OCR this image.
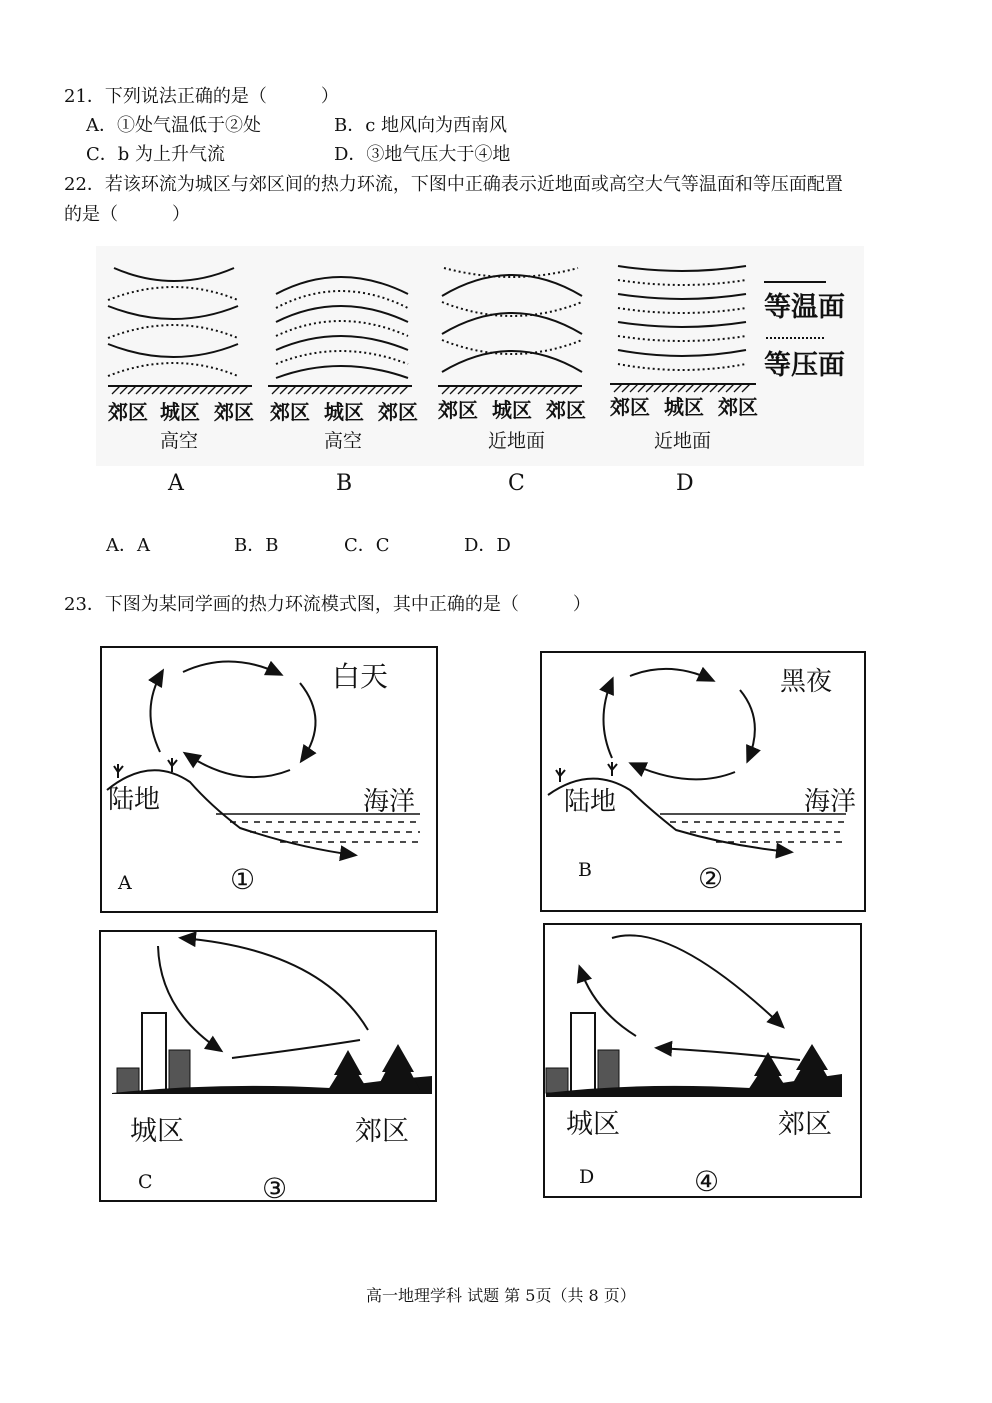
21．下列说法正确的是（　　　）
A．①处气温低于②处	B．c 地风向为西南风
C．b 为上升气流	D．③地气压大于④地
22．若该环流为城区与郊区间的热力环流，下图中正确表示近地面或高空大气等温面和等压面配置
的是（　　　）
郊区 城区 郊区 郊区 城区 郊区 郊区 城区 郊区 郊区 城区 郊区
高空	高空	近地面	近地面
A	B	C	D
等温面
等压面
A．A	B．B	C．C	D．D
23．下图为某同学画的热力环流模式图，其中正确的是（　　　）
白天
陆地	海洋
A	①
黑夜
陆地	海洋
B	②
城区	郊区
C	③
城区	郊区
D	④
高一地理学科 试题 第 5页（共 8 页）
